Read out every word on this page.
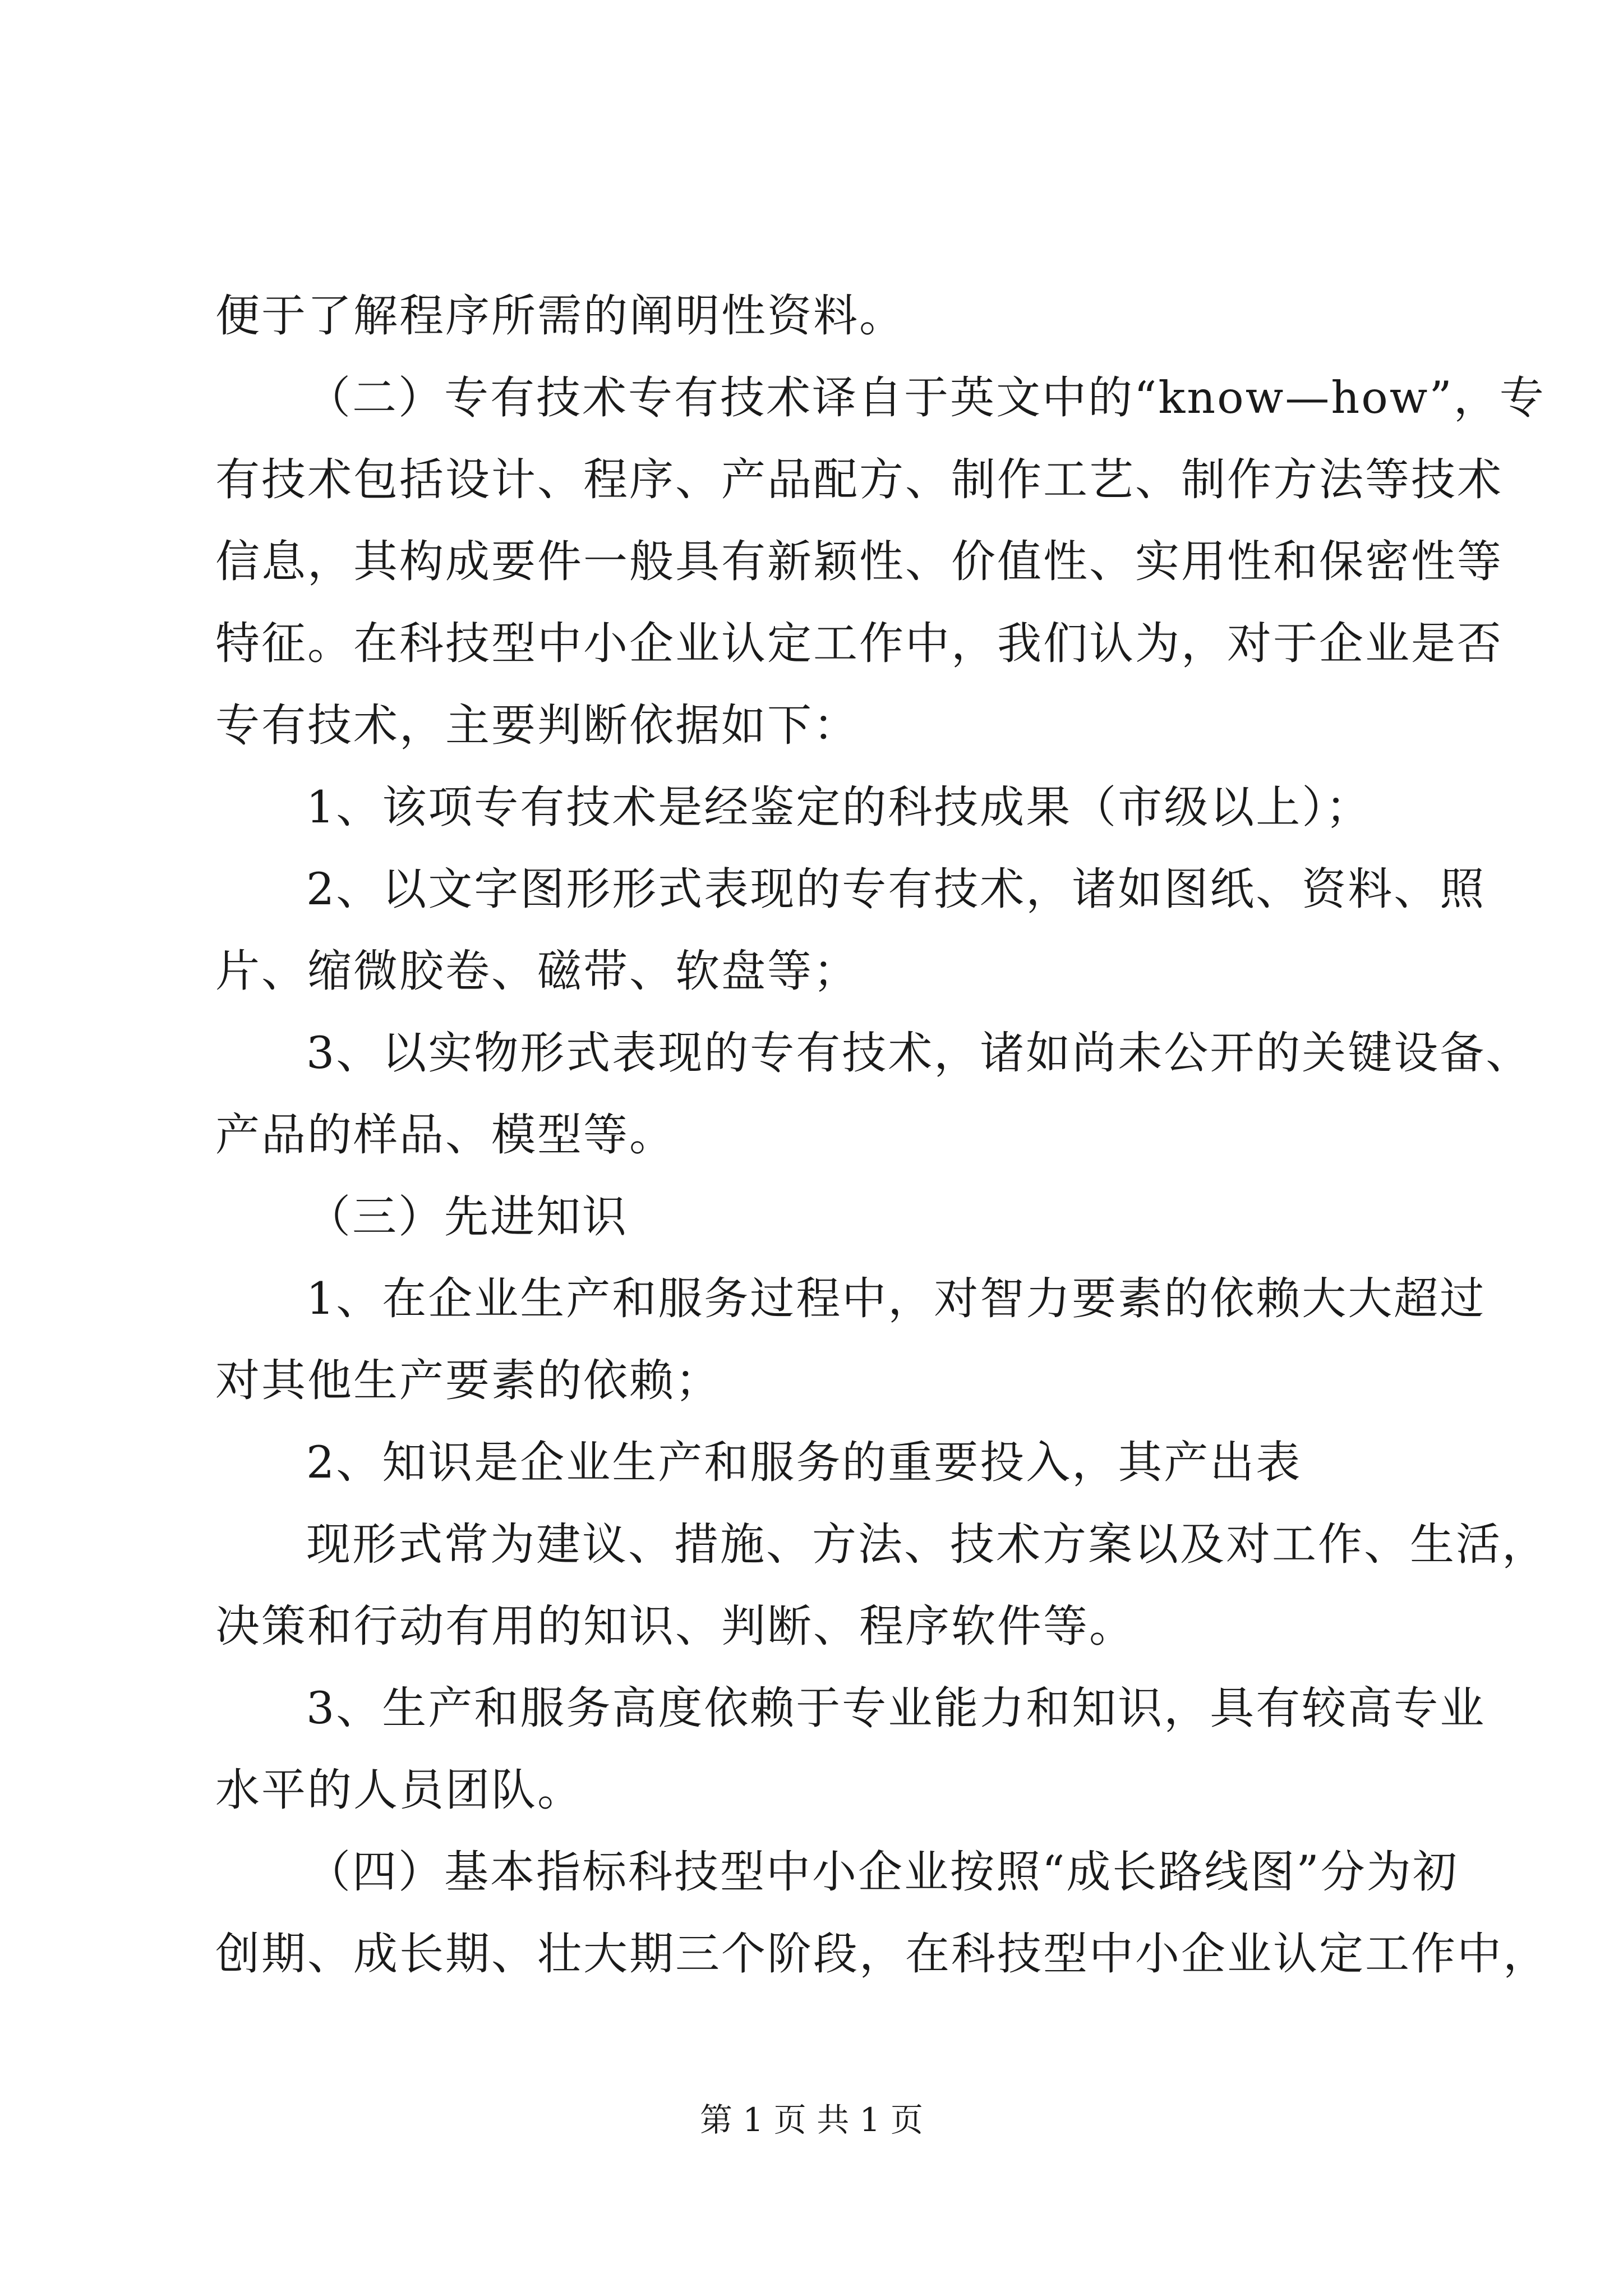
便于了解程序所需的阐明性资料。
（二）专有技术专有技术译自于英文中的“know—how”，专
有技术包括设计、程序、产品配方、制作工艺、制作方法等技术
信息，其构成要件一般具有新颖性、价值性、实用性和保密性等
特征。在科技型中小企业认定工作中，我们认为，对于企业是否
专有技术，主要判断依据如下：
1、该项专有技术是经鉴定的科技成果（市级以上）；
2、以文字图形形式表现的专有技术，诸如图纸、资料、照
片、缩微胶卷、磁带、软盘等；
3、以实物形式表现的专有技术，诸如尚未公开的关键设备、
产品的样品、模型等。
（三）先进知识
1、在企业生产和服务过程中，对智力要素的依赖大大超过
对其他生产要素的依赖；
2、知识是企业生产和服务的重要投入，其产出表
现形式常为建议、措施、方法、技术方案以及对工作、生活，
决策和行动有用的知识、判断、程序软件等。
3、生产和服务高度依赖于专业能力和知识，具有较高专业
水平的人员团队。
（四）基本指标科技型中小企业按照“成长路线图”分为初
创期、成长期、壮大期三个阶段，在科技型中小企业认定工作中，
第 1 页 共 1 页
